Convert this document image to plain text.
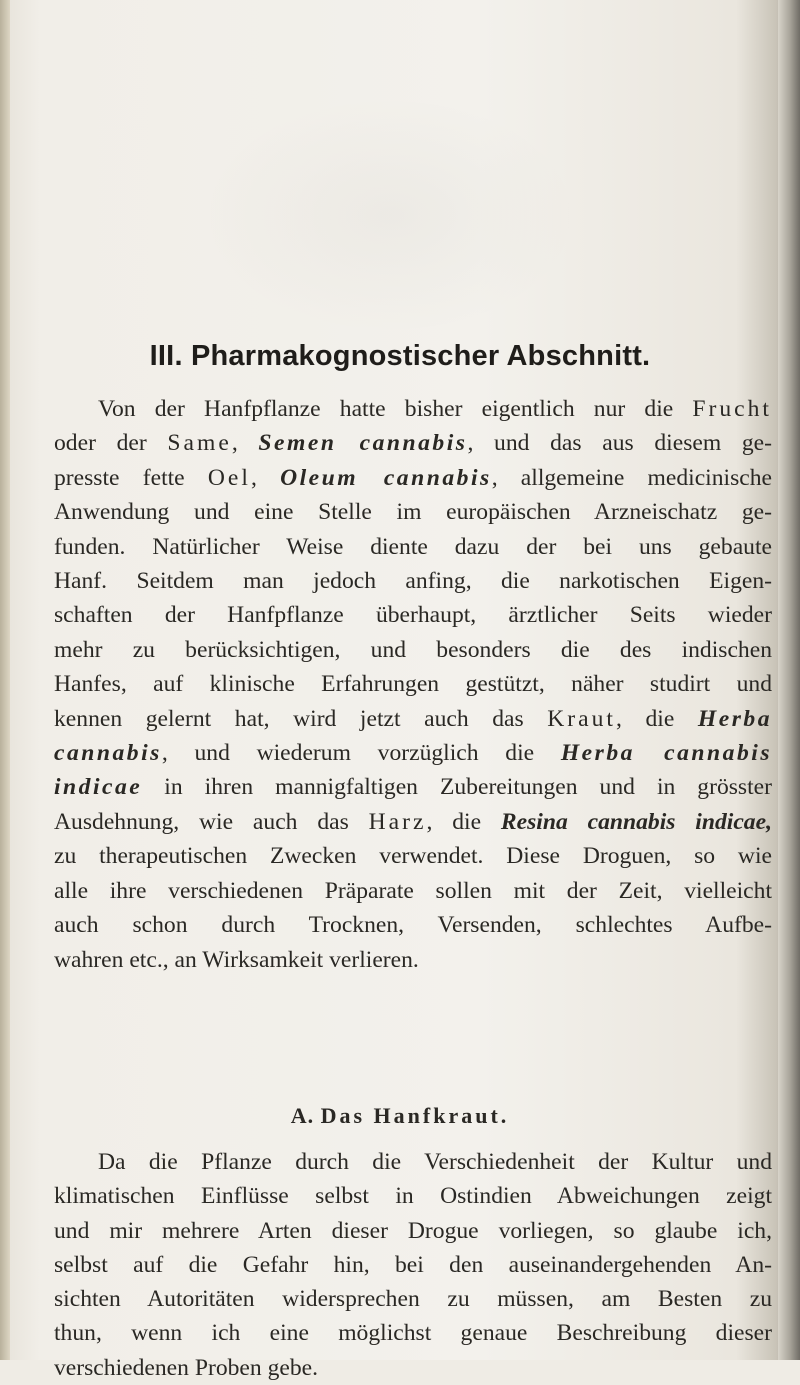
III. Pharmakognostischer Abschnitt.
Von der Hanfpflanze hatte bisher eigentlich nur die Frucht
oder der Same, Semen cannabis, und das aus diesem ge-
presste fette Oel, Oleum cannabis, allgemeine medicinische
Anwendung und eine Stelle im europäischen Arzneischatz ge-
funden. Natürlicher Weise diente dazu der bei uns gebaute
Hanf. Seitdem man jedoch anfing, die narkotischen Eigen-
schaften der Hanfpflanze überhaupt, ärztlicher Seits wieder
mehr zu berücksichtigen, und besonders die des indischen
Hanfes, auf klinische Erfahrungen gestützt, näher studirt und
kennen gelernt hat, wird jetzt auch das Kraut, die Herba
cannabis, und wiederum vorzüglich die Herba cannabis
indicae in ihren mannigfaltigen Zubereitungen und in grösster
Ausdehnung, wie auch das Harz, die Resina cannabis indicae,
zu therapeutischen Zwecken verwendet. Diese Droguen, so wie
alle ihre verschiedenen Präparate sollen mit der Zeit, vielleicht
auch schon durch Trocknen, Versenden, schlechtes Aufbe-
wahren etc., an Wirksamkeit verlieren.
A. Das Hanfkraut.
Da die Pflanze durch die Verschiedenheit der Kultur und
klimatischen Einflüsse selbst in Ostindien Abweichungen zeigt
und mir mehrere Arten dieser Drogue vorliegen, so glaube ich,
selbst auf die Gefahr hin, bei den auseinandergehenden An-
sichten Autoritäten widersprechen zu müssen, am Besten zu
thun, wenn ich eine möglichst genaue Beschreibung dieser
verschiedenen Proben gebe.
